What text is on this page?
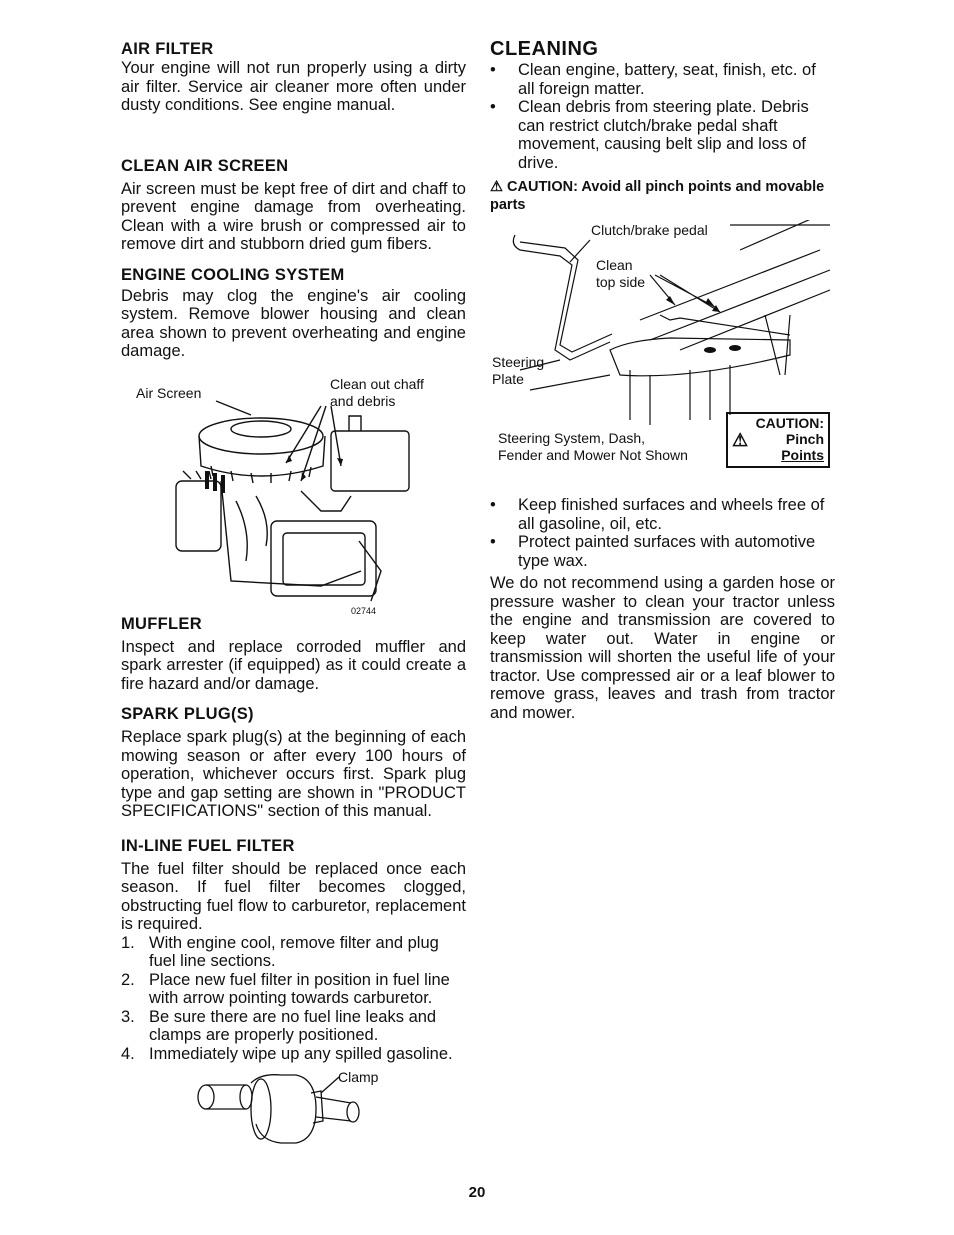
AIR FILTER

Your engine will not run properly using a dirty air filter. Service air cleaner more often under dusty conditions. See engine manual.

CLEAN AIR SCREEN

Air screen must be kept free of dirt and chaff to prevent engine damage from overheating. Clean with a wire brush or compressed air to remove dirt and stubborn dried gum fibers.

ENGINE COOLING SYSTEM

Debris may clog the engine's air cooling system. Remove blower housing and clean area shown to prevent overheating and engine damage.

Air Screen
Clean out chaff
and debris
02744
MUFFLER

Inspect and replace corroded muffler and spark arrester (if equipped) as it could create a fire hazard and/or damage.

SPARK PLUG(S)

Replace spark plug(s) at the beginning of each mowing season or after every 100 hours of operation, whichever occurs first. Spark plug type and gap setting are shown in "PRODUCT SPECIFICATIONS" section of this manual.

IN-LINE FUEL FILTER

The fuel filter should be replaced once each season. If fuel filter becomes clogged, obstructing fuel flow to carburetor, replacement is required.

1. With engine cool, remove filter and plug fuel line sections.
2. Place new fuel filter in position in fuel line with arrow pointing towards carburetor.
3. Be sure there are no fuel line leaks and clamps are properly positioned.
4. Immediately wipe up any spilled gasoline.
Clamp
CLEANING
• Clean engine, battery, seat, finish, etc. of all foreign matter.
• Clean debris from steering plate. Debris can restrict clutch/brake pedal shaft movement, causing belt slip and loss of drive.
⚠ CAUTION: Avoid all pinch points and movable parts
Clutch/brake pedal
Clean
top side
Steering
Plate
Steering System, Dash,
Fender and Mower Not Shown
CAUTION:
⚠	Pinch
Points
• Keep finished surfaces and wheels free of all gasoline, oil, etc.
• Protect painted surfaces with automotive type wax.

We do not recommend using a garden hose or pressure washer to clean your tractor unless the engine and transmission are covered to keep water out. Water in engine or transmission will shorten the useful life of your tractor. Use compressed air or a leaf blower to remove grass, leaves and trash from tractor and mower.

20
